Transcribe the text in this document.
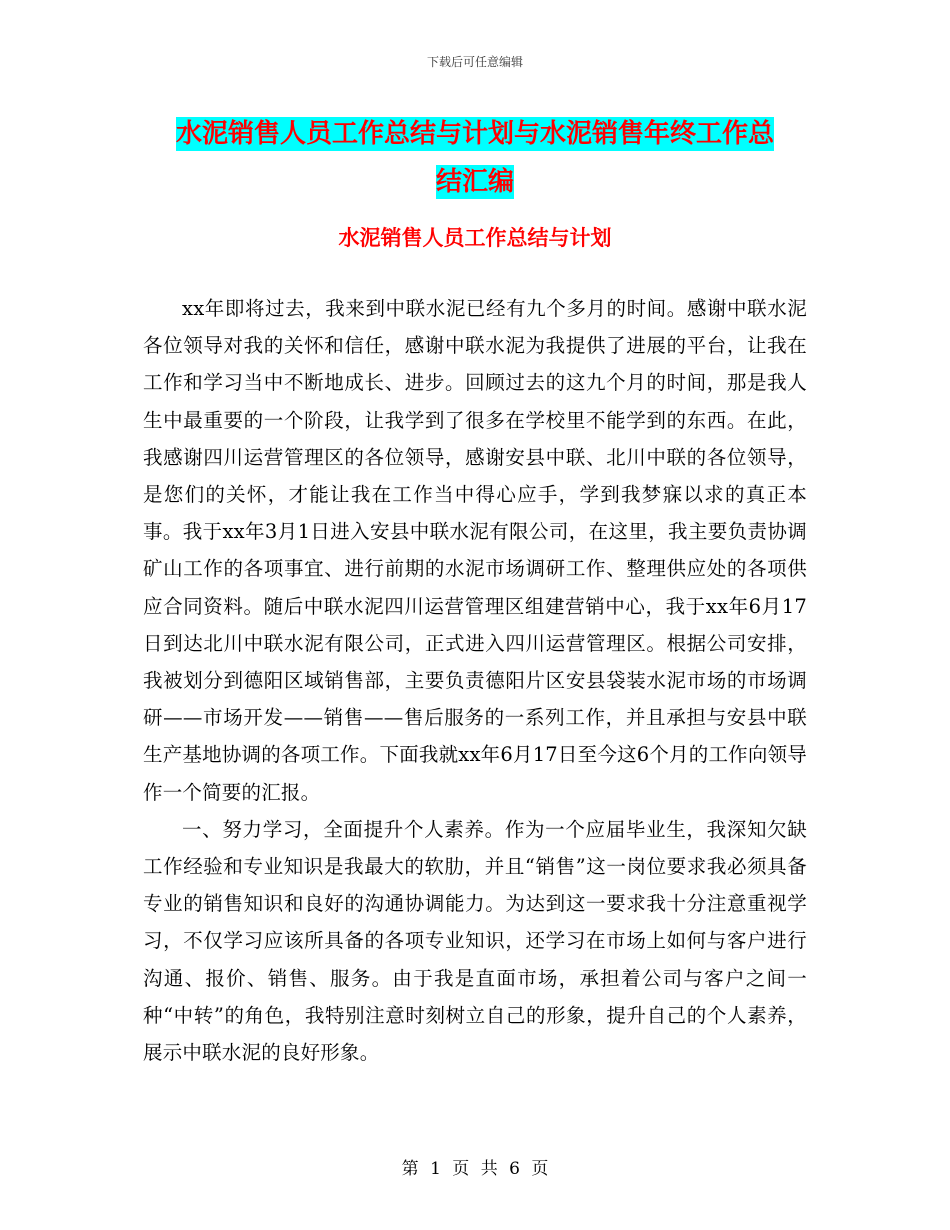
下载后可任意编辑
水泥销售人员工作总结与计划与水泥销售年终工作总
结汇编
水泥销售人员工作总结与计划

xx年即将过去，我来到中联水泥已经有九个多月的时间。感谢中联水泥各位领导对我的关怀和信任，感谢中联水泥为我提供了进展的平台，让我在工作和学习当中不断地成长、进步。回顾过去的这九个月的时间，那是我人生中最重要的一个阶段，让我学到了很多在学校里不能学到的东西。在此，我感谢四川运营管理区的各位领导，感谢安县中联、北川中联的各位领导，是您们的关怀，才能让我在工作当中得心应手，学到我梦寐以求的真正本事。我于xx年3月1日进入安县中联水泥有限公司，在这里，我主要负责协调矿山工作的各项事宜、进行前期的水泥市场调研工作、整理供应处的各项供应合同资料。随后中联水泥四川运营管理区组建营销中心，我于xx年6月17日到达北川中联水泥有限公司，正式进入四川运营管理区。根据公司安排，我被划分到德阳区域销售部，主要负责德阳片区安县袋装水泥市场的市场调研——市场开发——销售——售后服务的一系列工作，并且承担与安县中联生产基地协调的各项工作。下面我就xx年6月17日至今这6个月的工作向领导作一个简要的汇报。

一、努力学习，全面提升个人素养。作为一个应届毕业生，我深知欠缺工作经验和专业知识是我最大的软肋，并且“销售”这一岗位要求我必须具备专业的销售知识和良好的沟通协调能力。为达到这一要求我十分注意重视学习，不仅学习应该所具备的各项专业知识，还学习在市场上如何与客户进行沟通、报价、销售、服务。由于我是直面市场，承担着公司与客户之间一种“中转”的角色，我特别注意时刻树立自己的形象，提升自己的个人素养，展示中联水泥的良好形象。

第 1 页 共 6 页
